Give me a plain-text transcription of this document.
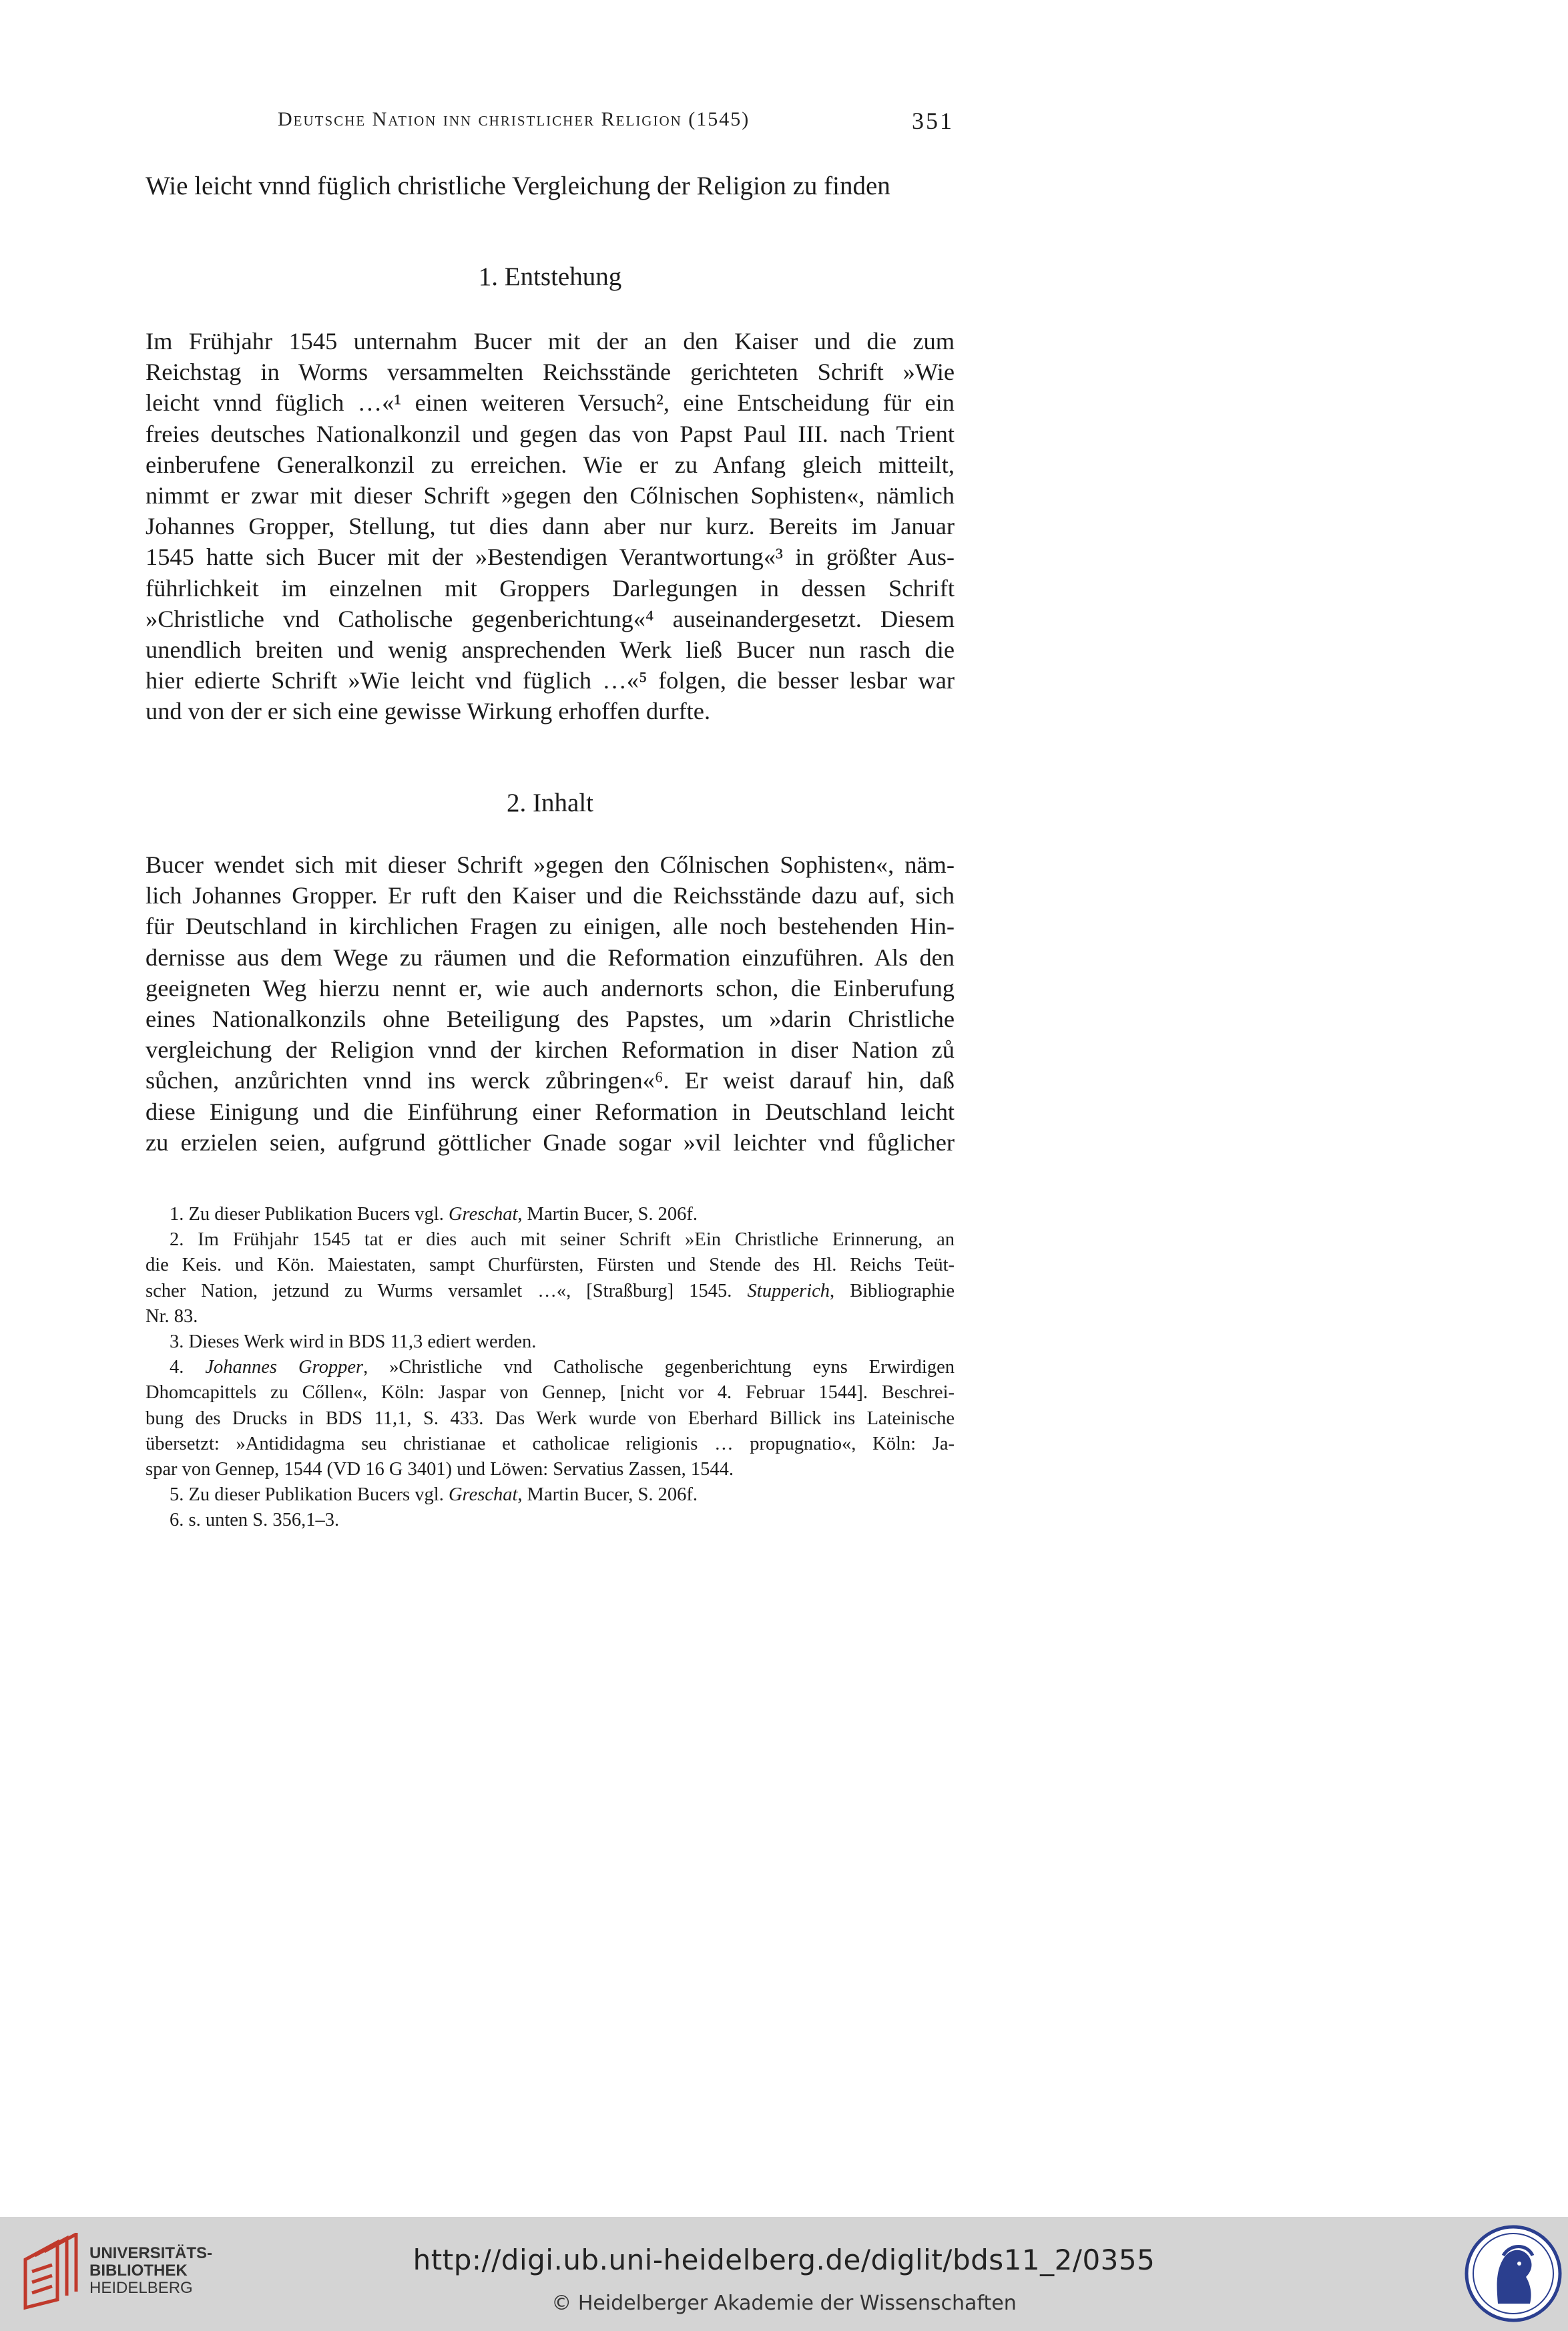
Deutsche Nation inn christlicher Religion (1545)	351
Wie leicht vnnd füglich christliche Vergleichung der Religion zu finden
1. Entstehung
Im Frühjahr 1545 unternahm Bucer mit der an den Kaiser und die zum
Reichstag in Worms versammelten Reichsstände gerichteten Schrift »Wie
leicht vnnd füglich …«¹ einen weiteren Versuch², eine Entscheidung für ein
freies deutsches Nationalkonzil und gegen das von Papst Paul III. nach Trient
einberufene Generalkonzil zu erreichen. Wie er zu Anfang gleich mitteilt,
nimmt er zwar mit dieser Schrift »gegen den Cőlnischen Sophisten«, nämlich
Johannes Gropper, Stellung, tut dies dann aber nur kurz. Bereits im Januar
1545 hatte sich Bucer mit der »Bestendigen Verantwortung«³ in größter Aus-
führlichkeit im einzelnen mit Groppers Darlegungen in dessen Schrift
»Christliche vnd Catholische gegenberichtung«⁴ auseinandergesetzt. Diesem
unendlich breiten und wenig ansprechenden Werk ließ Bucer nun rasch die
hier edierte Schrift »Wie leicht vnd füglich …«⁵ folgen, die besser lesbar war
und von der er sich eine gewisse Wirkung erhoffen durfte.
2. Inhalt
Bucer wendet sich mit dieser Schrift »gegen den Cőlnischen Sophisten«, näm-
lich Johannes Gropper. Er ruft den Kaiser und die Reichsstände dazu auf, sich
für Deutschland in kirchlichen Fragen zu einigen, alle noch bestehenden Hin-
dernisse aus dem Wege zu räumen und die Reformation einzuführen. Als den
geeigneten Weg hierzu nennt er, wie auch andernorts schon, die Einberufung
eines Nationalkonzils ohne Beteiligung des Papstes, um »darin Christliche
vergleichung der Religion vnnd der kirchen Reformation in diser Nation zů
sůchen, anzůrichten vnnd ins werck zůbringen«⁶. Er weist darauf hin, daß
diese Einigung und die Einführung einer Reformation in Deutschland leicht
zu erzielen seien, aufgrund göttlicher Gnade sogar »vil leichter vnd fůglicher
1. Zu dieser Publikation Bucers vgl. Greschat, Martin Bucer, S. 206f.
2. Im Frühjahr 1545 tat er dies auch mit seiner Schrift »Ein Christliche Erinnerung, an
die Keis. und Kön. Maiestaten, sampt Churfürsten, Fürsten und Stende des Hl. Reichs Teüt-
scher Nation, jetzund zu Wurms versamlet …«, [Straßburg] 1545. Stupperich, Bibliographie
Nr. 83.
3. Dieses Werk wird in BDS 11,3 ediert werden.
4. Johannes Gropper, »Christliche vnd Catholische gegenberichtung eyns Erwirdigen
Dhomcapittels zu Cőllen«, Köln: Jaspar von Gennep, [nicht vor 4. Februar 1544]. Beschrei-
bung des Drucks in BDS 11,1, S. 433. Das Werk wurde von Eberhard Billick ins Lateinische
übersetzt: »Antididagma seu christianae et catholicae religionis … propugnatio«, Köln: Ja-
spar von Gennep, 1544 (VD 16 G 3401) und Löwen: Servatius Zassen, 1544.
5. Zu dieser Publikation Bucers vgl. Greschat, Martin Bucer, S. 206f.
6. s. unten S. 356,1–3.
UNIVERSITÄTS-
BIBLIOTHEK
HEIDELBERG
http://digi.ub.uni-heidelberg.de/diglit/bds11_2/0355
© Heidelberger Akademie der Wissenschaften
